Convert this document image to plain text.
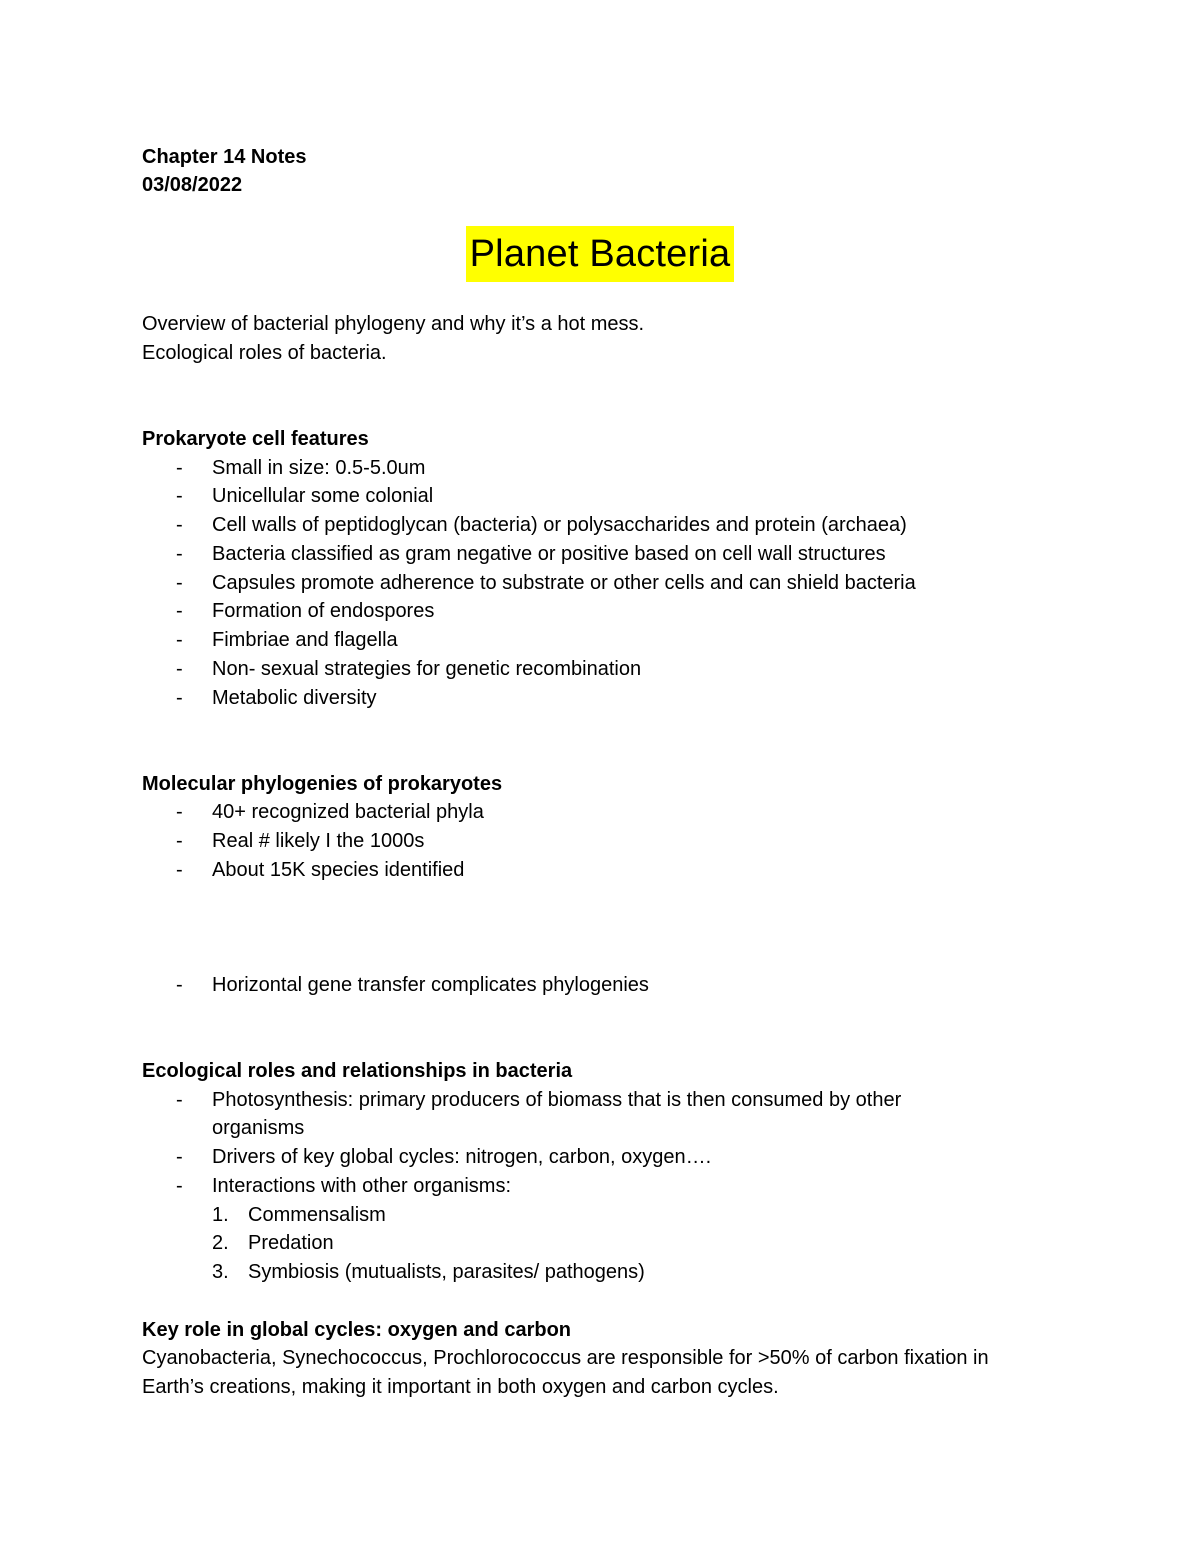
Chapter 14 Notes
03/08/2022
Planet Bacteria
Overview of bacterial phylogeny and why it’s a hot mess.
Ecological roles of bacteria.
Prokaryote cell features
- Small in size: 0.5-5.0um
- Unicellular some colonial
- Cell walls of peptidoglycan (bacteria) or polysaccharides and protein (archaea)
- Bacteria classified as gram negative or positive based on cell wall structures
- Capsules promote adherence to substrate or other cells and can shield bacteria
- Formation of endospores
- Fimbriae and flagella
- Non- sexual strategies for genetic recombination
- Metabolic diversity
Molecular phylogenies of prokaryotes
- 40+ recognized bacterial phyla
- Real # likely I the 1000s
- About 15K species identified
- Horizontal gene transfer complicates phylogenies
Ecological roles and relationships in bacteria
- Photosynthesis: primary producers of biomass that is then consumed by other
organisms
- Drivers of key global cycles: nitrogen, carbon, oxygen….
- Interactions with other organisms:
1. Commensalism
2. Predation
3. Symbiosis (mutualists, parasites/ pathogens)
Key role in global cycles: oxygen and carbon
Cyanobacteria, Synechococcus, Prochlorococcus are responsible for >50% of carbon fixation in
Earth’s creations, making it important in both oxygen and carbon cycles.
